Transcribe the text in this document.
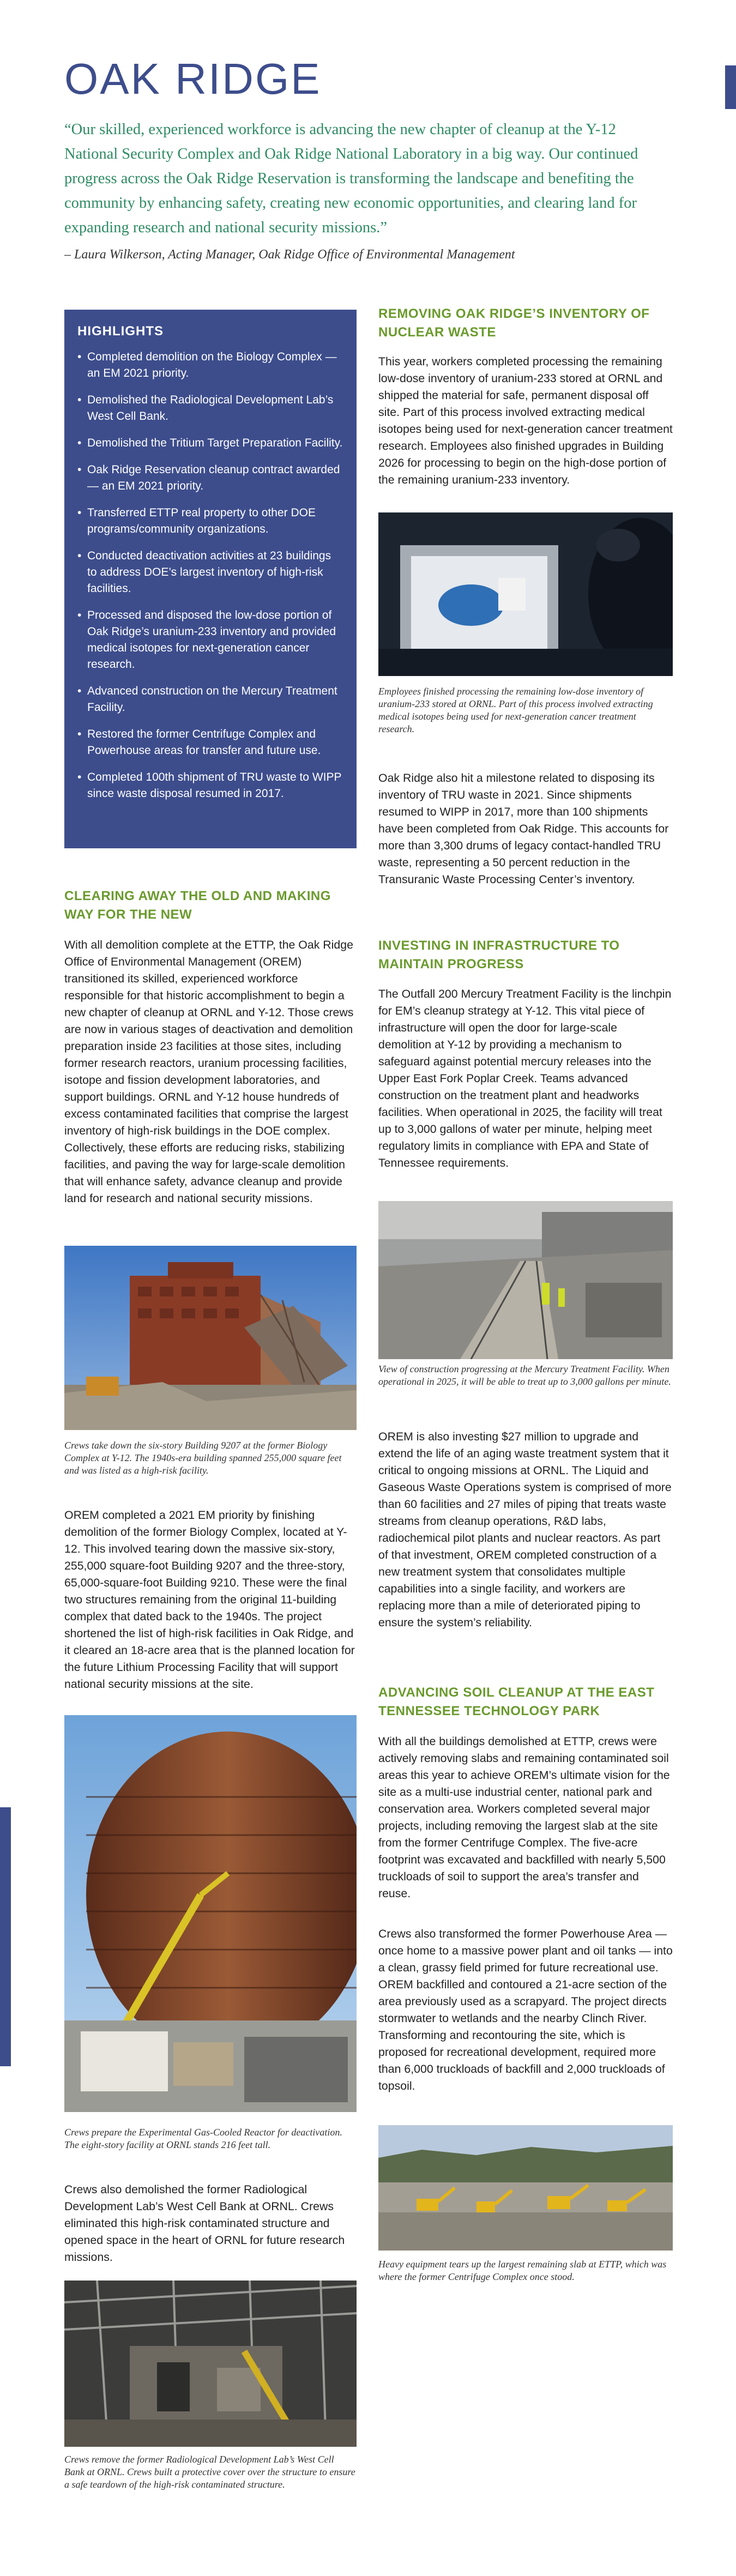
OAK RIDGE

“Our skilled, experienced workforce is advancing the new chapter of cleanup at the Y-12 National Security Complex and Oak Ridge National Laboratory in a big way. Our continued progress across the Oak Ridge Reservation is transforming the landscape and benefiting the community by enhancing safety, creating new economic opportunities, and clearing land for expanding research and national security missions.”

– Laura Wilkerson, Acting Manager, Oak Ridge Office of Environmental Management

HIGHLIGHTS
• Completed demolition on the Biology Complex — an EM 2021 priority.
• Demolished the Radiological Development Lab’s West Cell Bank.
• Demolished the Tritium Target Preparation Facility.
• Oak Ridge Reservation cleanup contract awarded — an EM 2021 priority.
• Transferred ETTP real property to other DOE programs/community organizations.
• Conducted deactivation activities at 23 buildings to address DOE’s largest inventory of high-risk facilities.
• Processed and disposed the low-dose portion of Oak Ridge’s uranium-233 inventory and provided medical isotopes for next-generation cancer research.
• Advanced construction on the Mercury Treatment Facility.
• Restored the former Centrifuge Complex and Powerhouse areas for transfer and future use.
• Completed 100th shipment of TRU waste to WIPP since waste disposal resumed in 2017.
CLEARING AWAY THE OLD AND MAKING WAY FOR THE NEW

With all demolition complete at the ETTP, the Oak Ridge Office of Environmental Management (OREM) transitioned its skilled, experienced workforce responsible for that historic accomplishment to begin a new chapter of cleanup at ORNL and Y-12. Those crews are now in various stages of deactivation and demolition preparation inside 23 facilities at those sites, including former research reactors, uranium processing facilities, isotope and fission development laboratories, and support buildings. ORNL and Y-12 house hundreds of excess contaminated facilities that comprise the largest inventory of high-risk buildings in the DOE complex. Collectively, these efforts are reducing risks, stabilizing facilities, and paving the way for large-scale demolition that will enhance safety, advance cleanup and provide land for research and national security missions.

Crews take down the six-story Building 9207 at the former Biology Complex at Y-12. The 1940s-era building spanned 255,000 square feet and was listed as a high-risk facility.

OREM completed a 2021 EM priority by finishing demolition of the former Biology Complex, located at Y-12. This involved tearing down the massive six-story, 255,000 square-foot Building 9207 and the three-story, 65,000-square-foot Building 9210. These were the final two structures remaining from the original 11-building complex that dated back to the 1940s. The project shortened the list of high-risk facilities in Oak Ridge, and it cleared an 18-acre area that is the planned location for the future Lithium Processing Facility that will support national security missions at the site.

Crews prepare the Experimental Gas-Cooled Reactor for deactivation. The eight-story facility at ORNL stands 216 feet tall.

Crews also demolished the former Radiological Development Lab’s West Cell Bank at ORNL. Crews eliminated this high-risk contaminated structure and opened space in the heart of ORNL for future research missions.

Crews remove the former Radiological Development Lab’s West Cell Bank at ORNL. Crews built a protective cover over the structure to ensure a safe teardown of the high-risk contaminated structure.

REMOVING OAK RIDGE’S INVENTORY OF NUCLEAR WASTE

This year, workers completed processing the remaining low-dose inventory of uranium-233 stored at ORNL and shipped the material for safe, permanent disposal off site. Part of this process involved extracting medical isotopes being used for next-generation cancer treatment research. Employees also finished upgrades in Building 2026 for processing to begin on the high-dose portion of the remaining uranium-233 inventory.

Employees finished processing the remaining low-dose inventory of uranium-233 stored at ORNL. Part of this process involved extracting medical isotopes being used for next-generation cancer treatment research.

Oak Ridge also hit a milestone related to disposing its inventory of TRU waste in 2021. Since shipments resumed to WIPP in 2017, more than 100 shipments have been completed from Oak Ridge. This accounts for more than 3,300 drums of legacy contact-handled TRU waste, representing a 50 percent reduction in the Transuranic Waste Processing Center’s inventory.

INVESTING IN INFRASTRUCTURE TO MAINTAIN PROGRESS

The Outfall 200 Mercury Treatment Facility is the linchpin for EM’s cleanup strategy at Y-12. This vital piece of infrastructure will open the door for large-scale demolition at Y-12 by providing a mechanism to safeguard against potential mercury releases into the Upper East Fork Poplar Creek. Teams advanced construction on the treatment plant and headworks facilities. When operational in 2025, the facility will treat up to 3,000 gallons of water per minute, helping meet regulatory limits in compliance with EPA and State of Tennessee requirements.

View of construction progressing at the Mercury Treatment Facility. When operational in 2025, it will be able to treat up to 3,000 gallons per minute.

OREM is also investing $27 million to upgrade and extend the life of an aging waste treatment system that it critical to ongoing missions at ORNL. The Liquid and Gaseous Waste Operations system is comprised of more than 60 facilities and 27 miles of piping that treats waste streams from cleanup operations, R&D labs, radiochemical pilot plants and nuclear reactors. As part of that investment, OREM completed construction of a new treatment system that consolidates multiple capabilities into a single facility, and workers are replacing more than a mile of deteriorated piping to ensure the system’s reliability.

ADVANCING SOIL CLEANUP AT THE EAST TENNESSEE TECHNOLOGY PARK

With all the buildings demolished at ETTP, crews were actively removing slabs and remaining contaminated soil areas this year to achieve OREM’s ultimate vision for the site as a multi-use industrial center, national park and conservation area. Workers completed several major projects, including removing the largest slab at the site from the former Centrifuge Complex. The five-acre footprint was excavated and backfilled with nearly 5,500 truckloads of soil to support the area’s transfer and reuse.

Crews also transformed the former Powerhouse Area — once home to a massive power plant and oil tanks — into a clean, grassy field primed for future recreational use. OREM backfilled and contoured a 21-acre section of the area previously used as a scrapyard. The project directs stormwater to wetlands and the nearby Clinch River. Transforming and recontouring the site, which is proposed for recreational development, required more than 6,000 truckloads of backfill and 2,000 truckloads of topsoil.

Heavy equipment tears up the largest remaining slab at ETTP, which was where the former Centrifuge Complex once stood.
